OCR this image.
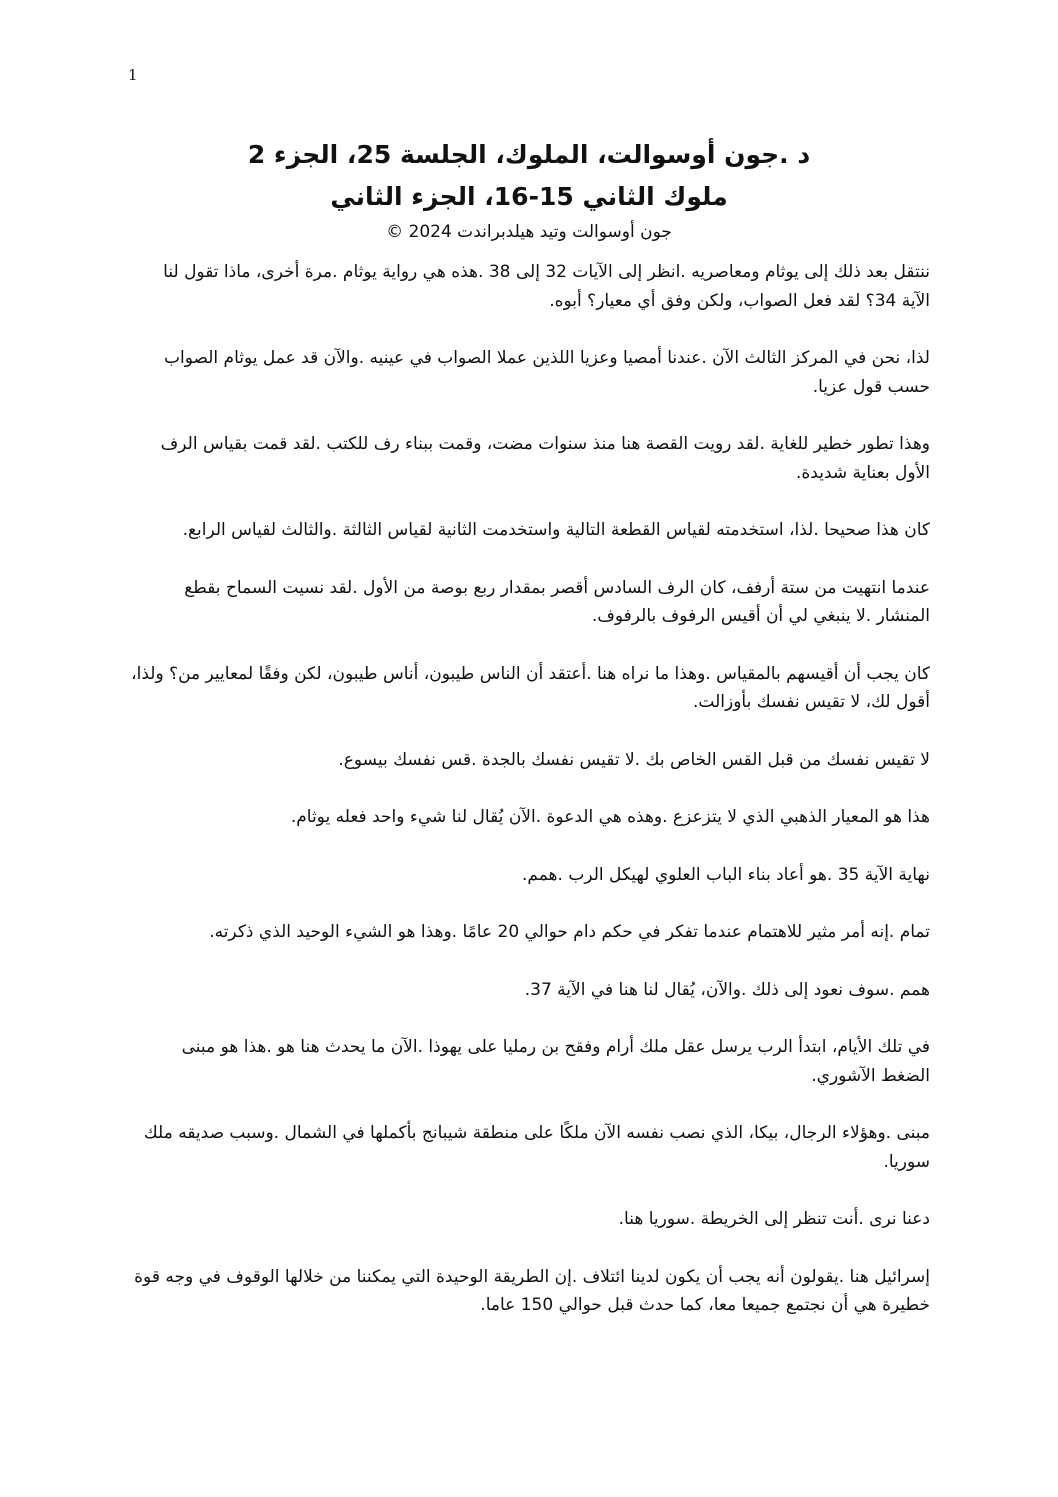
1
د .جون أوسوالت، الملوك، الجلسة 25، الجزء 2
ملوك الثاني 15-16، الجزء الثاني
جون أوسوالت وتيد هيلدبراندت 2024 ©

ننتقل بعد ذلك إلى يوثام ومعاصريه .انظر إلى الآيات 32 إلى 38 .هذه هي رواية يوثام .مرة أخرى، ماذا تقول لنا الآية 34؟ لقد فعل الصواب، ولكن وفق أي معيار؟ أبوه.

لذا، نحن في المركز الثالث الآن .عندنا أمصيا وعزيا اللذين عملا الصواب في عينيه .والآن قد عمل يوثام الصواب حسب قول عزيا.

وهذا تطور خطير للغاية .لقد رويت القصة هنا منذ سنوات مضت، وقمت ببناء رف للكتب .لقد قمت بقياس الرف الأول بعناية شديدة.

كان هذا صحيحا .لذا، استخدمته لقياس القطعة التالية واستخدمت الثانية لقياس الثالثة .والثالث لقياس الرابع.

عندما انتهيت من ستة أرفف، كان الرف السادس أقصر بمقدار ربع بوصة من الأول .لقد نسيت السماح بقطع المنشار .لا ينبغي لي أن أقيس الرفوف بالرفوف.

كان يجب أن أقيسهم بالمقياس .وهذا ما نراه هنا .أعتقد أن الناس طيبون، أناس طيبون، لكن وفقًا لمعايير من؟ ولذا، أقول لك، لا تقيس نفسك بأوزالت.

لا تقيس نفسك من قبل القس الخاص بك .لا تقيس نفسك بالجدة .قس نفسك بيسوع.

هذا هو المعيار الذهبي الذي لا يتزعزع .وهذه هي الدعوة .الآن يُقال لنا شيء واحد فعله يوثام.

نهاية الآية 35 .هو أعاد بناء الباب العلوي لهيكل الرب .همم.

تمام .إنه أمر مثير للاهتمام عندما تفكر في حكم دام حوالي 20 عامًا .وهذا هو الشيء الوحيد الذي ذكرته.

همم .سوف نعود إلى ذلك .والآن، يُقال لنا هنا في الآية 37.

في تلك الأيام، ابتدأ الرب يرسل عقل ملك أرام وفقح بن رمليا على يهوذا .الآن ما يحدث هنا هو .هذا هو مبنى الضغط الآشوري.

مبنى .وهؤلاء الرجال، بيكا، الذي نصب نفسه الآن ملكًا على منطقة شيبانج بأكملها في الشمال .وسبب صديقه ملك سوريا.

دعنا نرى .أنت تنظر إلى الخريطة .سوريا هنا.

إسرائيل هنا .يقولون أنه يجب أن يكون لدينا ائتلاف .إن الطريقة الوحيدة التي يمكننا من خلالها الوقوف في وجه قوة خطيرة هي أن نجتمع جميعا معا، كما حدث قبل حوالي 150 عاما.
